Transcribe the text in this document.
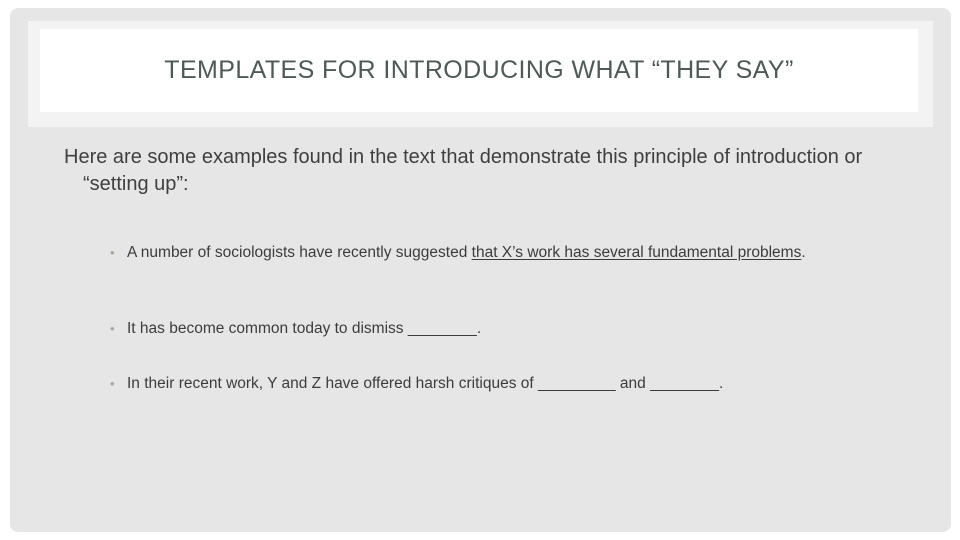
TEMPLATES FOR INTRODUCING WHAT “THEY SAY”

Here are some examples found in the text that demonstrate this principle of introduction or “setting up”:

• A number of sociologists have recently suggested that X’s work has several fundamental problems.
• It has become common today to dismiss ________.
• In their recent work, Y and Z have offered harsh critiques of _________ and ________.
